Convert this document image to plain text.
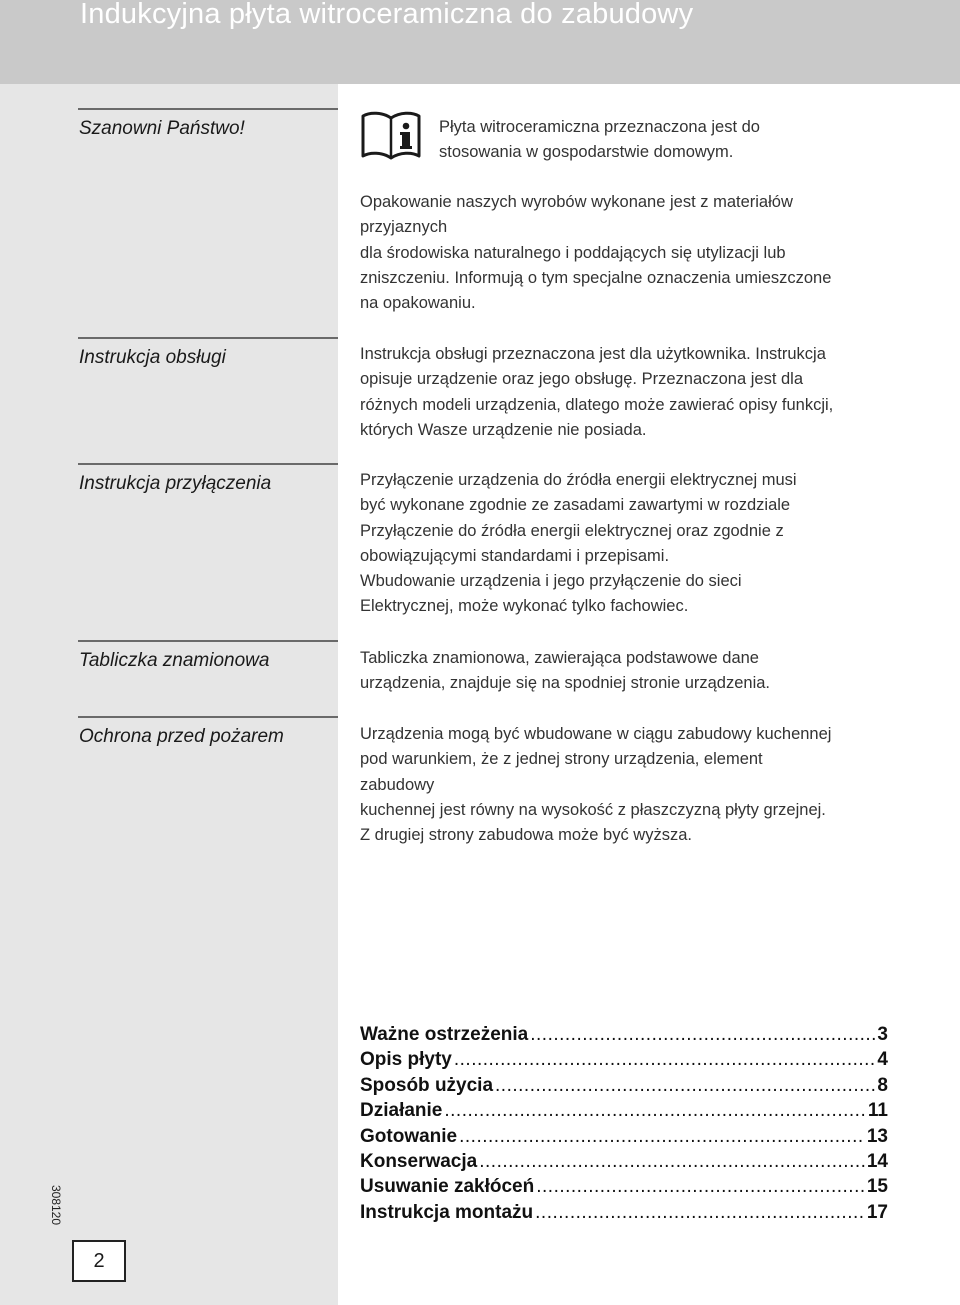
Indukcyjna płyta witroceramiczna do zabudowy
Szanowni Państwo!
Instrukcja obsługi
Instrukcja przyłączenia
Tabliczka znamionowa
Ochrona przed pożarem
Płyta witroceramiczna przeznaczona jest do
stosowania w gospodarstwie domowym.
Opakowanie naszych wyrobów wykonane jest z materiałów
przyjaznych
dla środowiska naturalnego i poddających się utylizacji lub
zniszczeniu. Informują o tym specjalne oznaczenia umieszczone
na opakowaniu.
Instrukcja obsługi przeznaczona jest dla użytkownika. Instrukcja
opisuje urządzenie oraz jego obsługę. Przeznaczona jest dla
różnych modeli urządzenia, dlatego może zawierać opisy funkcji,
których Wasze urządzenie nie posiada.
Przyłączenie urządzenia do źródła energii elektrycznej musi
być wykonane zgodnie ze zasadami zawartymi w rozdziale
Przyłączenie do źródła energii elektrycznej oraz zgodnie z
obowiązującymi standardami i przepisami.
Wbudowanie urządzenia i jego przyłączenie do sieci
Elektrycznej, może wykonać tylko fachowiec.
Tabliczka znamionowa, zawierająca podstawowe dane
urządzenia, znajduje się na spodniej stronie urządzenia.
Urządzenia mogą być wbudowane w ciągu zabudowy kuchennej
pod warunkiem, że z jednej strony urządzenia, element
zabudowy
kuchennej jest równy na wysokość z płaszczyzną płyty grzejnej.
Z drugiej strony zabudowa może być wyższa.
Ważne ostrzeżenia .....	3
Opis płyty .....	4
Sposób użycia .....	8
Działanie .....	11
Gotowanie .....	13
Konserwacja .....	14
Usuwanie zakłóceń .....	15
Instrukcja montażu .....	17
308120
2
